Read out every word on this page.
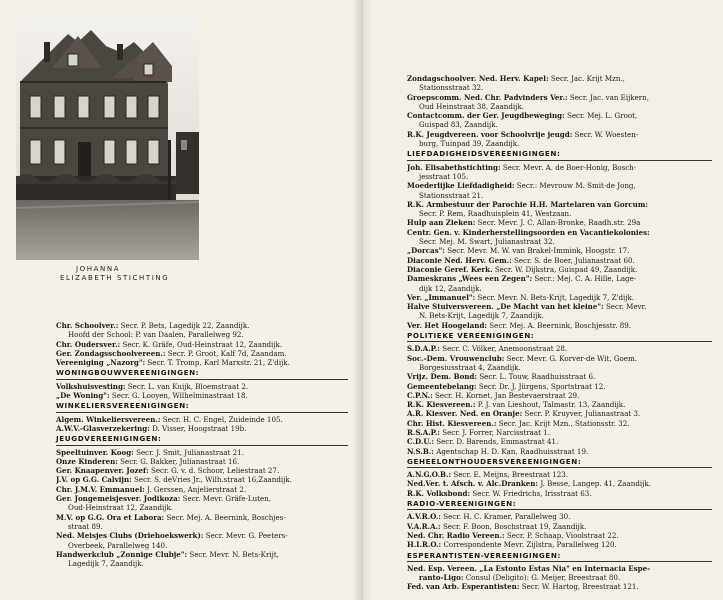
JOHANNA
ELIZABETH STICHTING
Chr. Schoolver.: Secr. P. Bets, Lagedijk 22, Zaandijk.
Hoofd der School: P. van Daalen, Parallelweg 92.
Chr. Oudersver.: Secr. K. Gräfe, Oud-Heinstraat 12, Zaandijk.
Ger. Zondagsschoolvereen.: Secr. P. Groot, Kalf 7d, Zaandam.
Vereeniging „Nazorg": Secr. T. Tromp, Karl Marxstr. 21, Z'dijk.
WONINGBOUWVEREENIGINGEN:
Volkshuisvesting: Secr. L. van Kuijk, Bloemstraat 2.
„De Woning": Secr. G. Looyen, Wilhelminastraat 18.
WINKELIERSVEREENIGINGEN:
Algem. Winkeliersvereen.: Secr. H. C. Engel, Zuideinde 105.
A.W.V.-Glasverzekering: D. Visser, Hoogstraat 19b.
JEUGDVEREENIGINGEN:
Speeltuinver. Koog: Secr. J. Smit, Julianastraat 21.
Onze Kinderen: Secr. G. Bakker, Julianastraat 16.
Ger. Knaapenver. Jozef: Secr. G. v. d. Schoor, Leliestraat 27.
J.V. op G.G. Calvijn: Secr. S. deVries Jr., Wilh.straat 16,Zaandijk.
Chr. J.M.V. Emmanuel: J. Gerssen, Anjelierstraat 2.
Ger. Jongemeisjesver. Jodikoza: Secr. Mevr. Gräfe-Luten,
Oud-Heinstraat 12, Zaandijk.
M.V. op G.G. Ora et Labora: Secr. Mej. A. Beernink, Boschjes-
straat 89.
Ned. Meisjes Clubs (Driehoekswerk): Secr. Mevr. G. Peeters-
Overbeek, Parallelweg 140.
Handwerkclub „Zonnige Clubje": Secr. Mevr. N. Bets-Krijt,
Lagedijk 7, Zaandijk.
Zondagschoolver. Ned. Herv. Kapel: Secr. Jac. Krijt Mzn.,
Stationsstraat 32.
Groepscomm. Ned. Chr. Padvinders Ver.: Secr. Jac. van Eijkern,
Oud Heinstraat 38, Zaandijk.
Contactcomm. der Ger. Jeugdbeweging: Secr. Mej. L. Groot,
Guispad 83, Zaandijk.
R.K. Jeugdvereen. voor Schoolvrije jeugd: Secr. W. Woesten-
burg, Tuinpad 39, Zaandijk.
LIEFDADIGHEIDSVEREENIGINGEN:
Joh. Elisabethstichting: Secr. Mevr. A. de Boer-Honig, Bosch-
jesstraat 105.
Moederlijke Liefdadigheid: Secr.: Mevrouw M. Smit-de Jong,
Stationsstraat 21.
R.K. Armbestuur der Parochie H.H. Martelaren van Gorcum:
Secr. P. Rem, Raadhuisplein 41, Westzaan.
Hulp aan Zieken: Secr. Mevr. J. C. Allan-Bronke, Raadh.str. 29a
Centr. Gen. v. Kinderherstellingsoorden en Vacantiekolonies:
Secr. Mej. M. Swart, Julianastraat 32.
„Dorcas": Secr. Mevr. M. W. van Brakel-Immink, Hoogstr. 17.
Diaconie Ned. Herv. Gem.: Secr. S. de Boer, Julianastraat 60.
Diaconie Geref. Kerk. Secr. W. Dijkstra, Guispad 49, Zaandijk.
Dameskrans „Wees een Zegen": Secr.: Mej. C. A. Hille, Lage-
dijk 12, Zaandijk.
Ver. „Immanuel": Secr. Mevr. N. Bets-Krijt, Lagedijk 7, Z'dijk.
Halve Stuiversvereen. „De Macht van het kleine": Secr. Mevr.
N. Bets-Krijt, Lagedijk 7, Zaandijk.
Ver. Het Hoogeland: Secr. Mej. A. Beernink, Boschjesstr. 89.
POLITIEKE VEREENIGINGEN:
S.D.A.P.: Secr. C. Völker, Anemoonstraat 28.
Soc.-Dem. Vrouwenclub: Secr. Mevr. G. Korver-de Wit, Goem.
Borgesiusstraat 4, Zaandijk.
Vrijz. Dem. Bond: Secr. L. Touw, Raadhuisstraat 6.
Gemeentebelang: Secr. Dr. J. Jürgens, Sportstraat 12.
C.P.N.: Secr. H. Kornet, Jan Bestevaerstraat 29.
R.K. Kiesvereen.: P. J. van Lieshout, Talmastr. 13, Zaandijk.
A.R. Kiesver. Ned. en Oranje: Secr. P. Kruyver, Julianastraat 3.
Chr. Hist. Kiesvereen.: Secr. Jac. Krijt Mzn., Stationsstr. 32.
R.S.A.P.: Secr. J. Forrer, Narcisstraat 1.
C.D.U.: Secr. D. Barends, Emmastraat 41.
N.S.B.: Agentschap H. D. Kan, Raadhuisstraat 19.
GEHEELONTHOUDERSVEREENIGINGEN:
A.N.G.O.B.: Secr. E. Meijns, Breestraat 123.
Ned.Ver. t. Afsch. v. Alc.Dranken: J. Besse, Langep. 41, Zaandijk.
R.K. Volksbond: Secr. W. Friedrichs, Irisstraat 63.
RADIO-VEREENIGINGEN:
A.V.R.O.: Secr. H. C. Kramer, Parallelweg 30.
V.A.R.A.: Secr. F. Boon, Boschstraat 19, Zaandijk.
Ned. Chr. Radio Vereen.: Secr. P. Schaap, Vioolstraat 22.
H.I.R.O.: Correspondente Mevr. Zijlstra, Parallelweg 120.
ESPERANTISTEN-VEREENIGINGEN:
Ned. Esp. Vereen. „La Estonto Estas Nia" en Internacia Espe-
ranto-Ligo: Consul (Deligito): G. Meijer, Breestraat 80.
Fed. van Arb. Esperantisten: Secr. W. Hartog, Breestraat 121.
